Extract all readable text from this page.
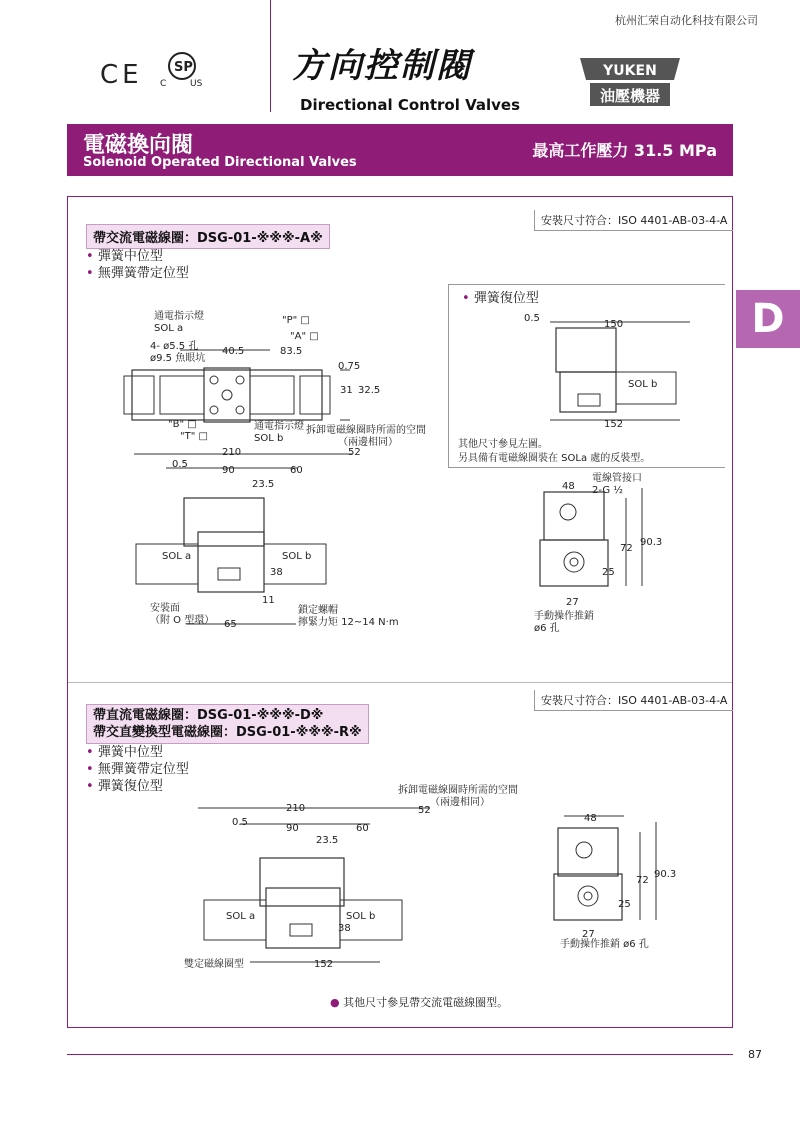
杭州汇荣自动化科技有限公司
CE SP
C	US	方向控制閥
Directional Control Valves
YUKEN
油壓機器
電磁換向閥
Solenoid Operated Directional Valves
最高工作壓力 31.5 MPa
D
安裝尺寸符合：ISO 4401-AB-03-4-A
帶交流電磁線圈：DSG-01-※※※-A※
• 彈簧中位型
• 無彈簧帶定位型
• 彈簧復位型
其他尺寸參見左圖。
另具備有電磁線圈裝在 SOLa 處的反裝型。
通電指示燈
SOL a
4- ø5.5 孔
ø9.5 魚眼坑
"P" □
"A" □
"B" □
"T" □
通電指示燈
SOL b
拆卸電磁線圈時所需的空間
（兩邊相同）
40.5	83.5
0.75
31 32.5
210	52
0.5
90	60
23.5
SOL a	SOL b
38
11
安裝面
（附 O 型環） 65
鎖定螺帽
擰緊力矩 12~14 N·m
0.5
150
SOL b
152
電線管接口
2-G ½
48
72
90.3
25
27
手動操作推銷
ø6 孔
安裝尺寸符合：ISO 4401-AB-03-4-A
帶直流電磁線圈：DSG-01-※※※-D※
帶交直變換型電磁線圈：DSG-01-※※※-R※
• 彈簧中位型
• 無彈簧帶定位型
• 彈簧復位型	拆卸電磁線圈時所需的空間
（兩邊相同）
210	52
0.5
90	60
23.5
SOL a	SOL b
38
雙定磁線圈型	152
48
72
90.3
25
27
手動操作推銷 ø6 孔
● 其他尺寸參見帶交流電磁線圈型。
87
